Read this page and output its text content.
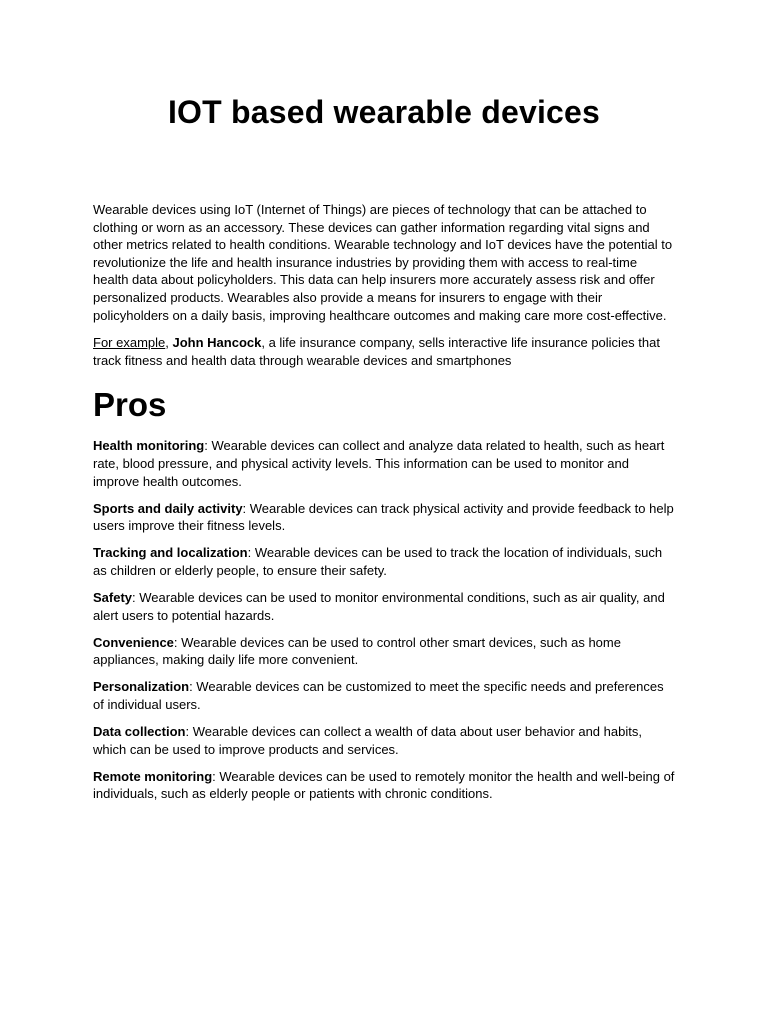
IOT based wearable devices

Wearable devices using IoT (Internet of Things) are pieces of technology that can be attached to clothing or worn as an accessory. These devices can gather information regarding vital signs and other metrics related to health conditions. Wearable technology and IoT devices have the potential to revolutionize the life and health insurance industries by providing them with access to real-time health data about policyholders. This data can help insurers more accurately assess risk and offer personalized products. Wearables also provide a means for insurers to engage with their policyholders on a daily basis, improving healthcare outcomes and making care more cost-effective.

For example, John Hancock, a life insurance company, sells interactive life insurance policies that track fitness and health data through wearable devices and smartphones

Pros
Health monitoring: Wearable devices can collect and analyze data related to health, such as heart rate, blood pressure, and physical activity levels. This information can be used to monitor and improve health outcomes.
Sports and daily activity: Wearable devices can track physical activity and provide feedback to help users improve their fitness levels.
Tracking and localization: Wearable devices can be used to track the location of individuals, such as children or elderly people, to ensure their safety.
Safety: Wearable devices can be used to monitor environmental conditions, such as air quality, and alert users to potential hazards.
Convenience: Wearable devices can be used to control other smart devices, such as home appliances, making daily life more convenient.
Personalization: Wearable devices can be customized to meet the specific needs and preferences of individual users.
Data collection: Wearable devices can collect a wealth of data about user behavior and habits, which can be used to improve products and services.
Remote monitoring: Wearable devices can be used to remotely monitor the health and well-being of individuals, such as elderly people or patients with chronic conditions.
